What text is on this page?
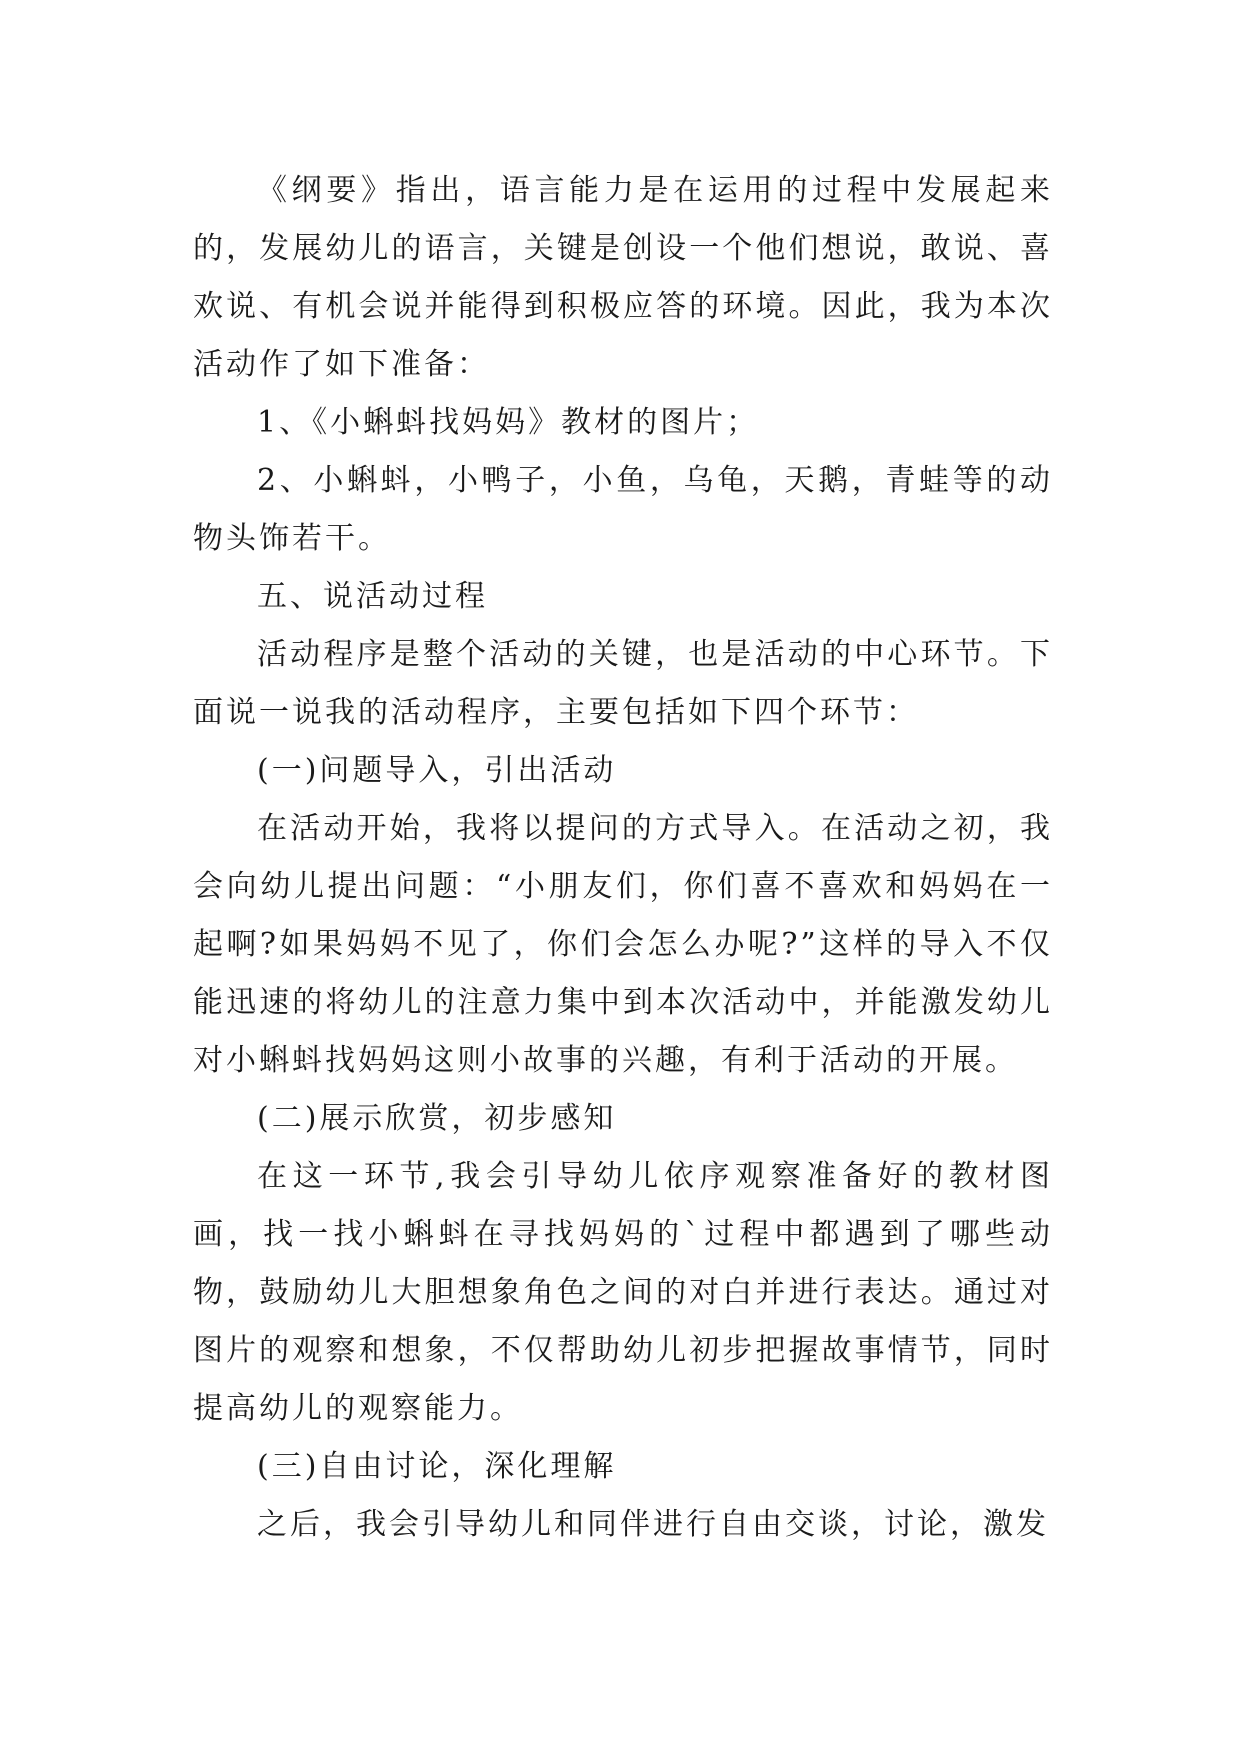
《纲要》指出，语言能力是在运用的过程中发展起来的，发展幼儿的语言，关键是创设一个他们想说，敢说、喜欢说、有机会说并能得到积极应答的环境。因此，我为本次活动作了如下准备：

1、《小蝌蚪找妈妈》教材的图片；

2、小蝌蚪，小鸭子，小鱼，乌龟，天鹅，青蛙等的动物头饰若干。

五、说活动过程

活动程序是整个活动的关键，也是活动的中心环节。下面说一说我的活动程序，主要包括如下四个环节：

(一)问题导入，引出活动

在活动开始，我将以提问的方式导入。在活动之初，我会向幼儿提出问题：“小朋友们，你们喜不喜欢和妈妈在一起啊?如果妈妈不见了，你们会怎么办呢?”这样的导入不仅能迅速的将幼儿的注意力集中到本次活动中，并能激发幼儿对小蝌蚪找妈妈这则小故事的兴趣，有利于活动的开展。

(二)展示欣赏，初步感知

在这一环节,我会引导幼儿依序观察准备好的教材图画，找一找小蝌蚪在寻找妈妈的`过程中都遇到了哪些动物，鼓励幼儿大胆想象角色之间的对白并进行表达。通过对图片的观察和想象，不仅帮助幼儿初步把握故事情节，同时提高幼儿的观察能力。

(三)自由讨论，深化理解

之后，我会引导幼儿和同伴进行自由交谈，讨论，激发
